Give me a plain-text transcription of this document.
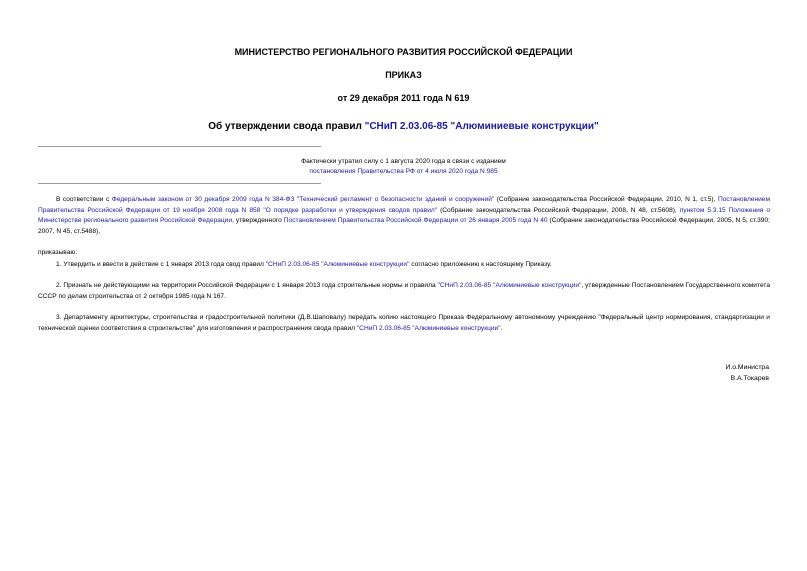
МИНИСТЕРСТВО РЕГИОНАЛЬНОГО РАЗВИТИЯ РОССИЙСКОЙ ФЕДЕРАЦИИ
ПРИКАЗ
от 29 декабря 2011 года N 619
Об утверждении свода правил "СНиП 2.03.06-85 "Алюминиевые конструкции"
Фактически утратил силу с 1 августа 2020 года в связи с изданием
постановления Правительства РФ от 4 июля 2020 года N 985
В соответствии с Федеральным законом от 30 декабря 2009 года N 384-ФЗ "Технический регламент о безопасности зданий и сооружений" (Собрание законодательства Российской Федерации, 2010, N 1, ст.5), Постановлением Правительства Российской Федерации от 19 ноября 2008 года N 858 "О порядке разработки и утверждения сводов правил" (Собрание законодательства Российской Федерации, 2008, N 48, ст.5608), пунктом 5.3.15 Положения о Министерстве регионального развития Российской Федерации, утвержденного Постановлением Правительства Российской Федерации от 26 января 2005 года N 40 (Собрание законодательства Российской Федерации, 2005, N 5, ст.390; 2007, N 45, ст.5488),
приказываю:
1. Утвердить и ввести в действие с 1 января 2013 года свод правил "СНиП 2.03.06-85 "Алюминиевые конструкции" согласно приложению к настоящему Приказу.
2. Признать не действующими на территории Российской Федерации с 1 января 2013 года строительные нормы и правила "СНиП 2.03.06-85 "Алюминиевые конструкции", утвержденные Постановлением Государственного комитета СССР по делам строительства от 2 октября 1985 года N 167.
3. Департаменту архитектуры, строительства и градостроительной политики (Д.В.Шаповалу) передать копию настоящего Приказа Федеральному автономному учреждению "Федеральный центр нормирования, стандартизации и технической оценки соответствия в строительстве" для изготовления и распространения свода правил "СНиП 2.03.06-85 "Алюминиевые конструкции".
И.о.Министра
В.А.Токарев
